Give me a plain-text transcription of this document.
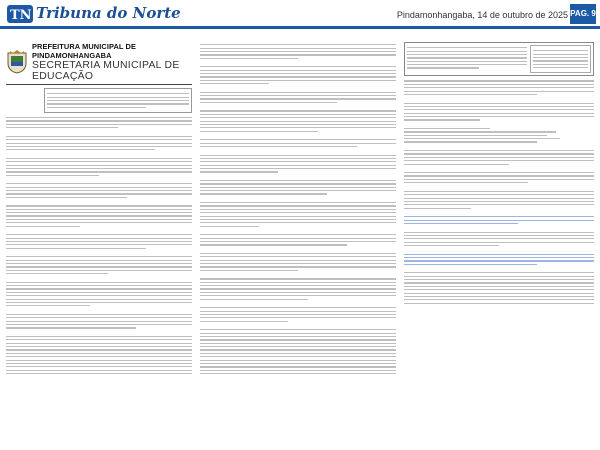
TN Tribuna do Norte	Pindamonhangaba, 14 de outubro de 2025 PAG. 9
PREFEITURA MUNICIPAL DE PINDAMONHANGABA
SECRETARIA MUNICIPAL DE EDUCAÇÃO
